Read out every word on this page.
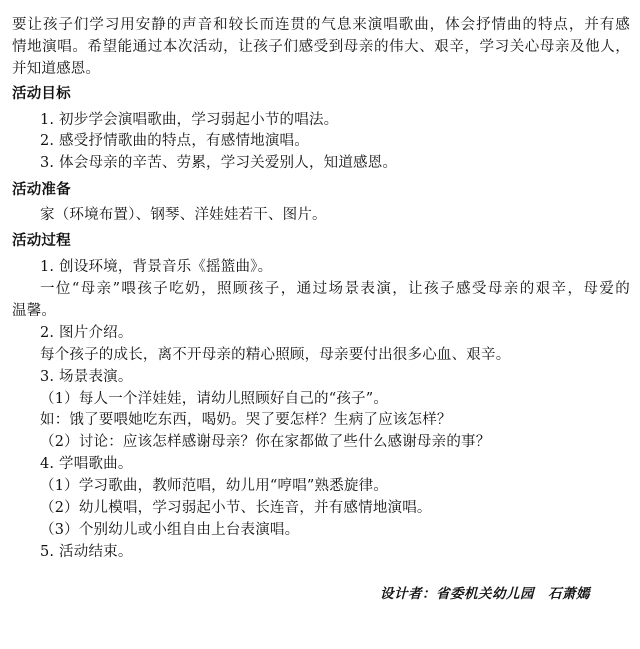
要让孩子们学习用安静的声音和较长而连贯的气息来演唱歌曲，体会抒情曲的特点，并有感
情地演唱。希望能通过本次活动，让孩子们感受到母亲的伟大、艰辛，学习关心母亲及他人，
并知道感恩。
活动目标
1. 初步学会演唱歌曲，学习弱起小节的唱法。
2. 感受抒情歌曲的特点，有感情地演唱。
3. 体会母亲的辛苦、劳累，学习关爱别人，知道感恩。
活动准备
家（环境布置）、钢琴、洋娃娃若干、图片。
活动过程
1. 创设环境，背景音乐《摇篮曲》。
一位“母亲”喂孩子吃奶，照顾孩子，通过场景表演，让孩子感受母亲的艰辛，母爱的
温馨。
2. 图片介绍。
每个孩子的成长，离不开母亲的精心照顾，母亲要付出很多心血、艰辛。
3. 场景表演。
（1）每人一个洋娃娃，请幼儿照顾好自己的“孩子”。
如：饿了要喂她吃东西，喝奶。哭了要怎样？生病了应该怎样？
（2）讨论：应该怎样感谢母亲？你在家都做了些什么感谢母亲的事？
4. 学唱歌曲。
（1）学习歌曲，教师范唱，幼儿用“哼唱”熟悉旋律。
（2）幼儿模唱，学习弱起小节、长连音，并有感情地演唱。
（3）个别幼儿或小组自由上台表演唱。
5. 活动结束。
设计者：省委机关幼儿园　石萧嫣
